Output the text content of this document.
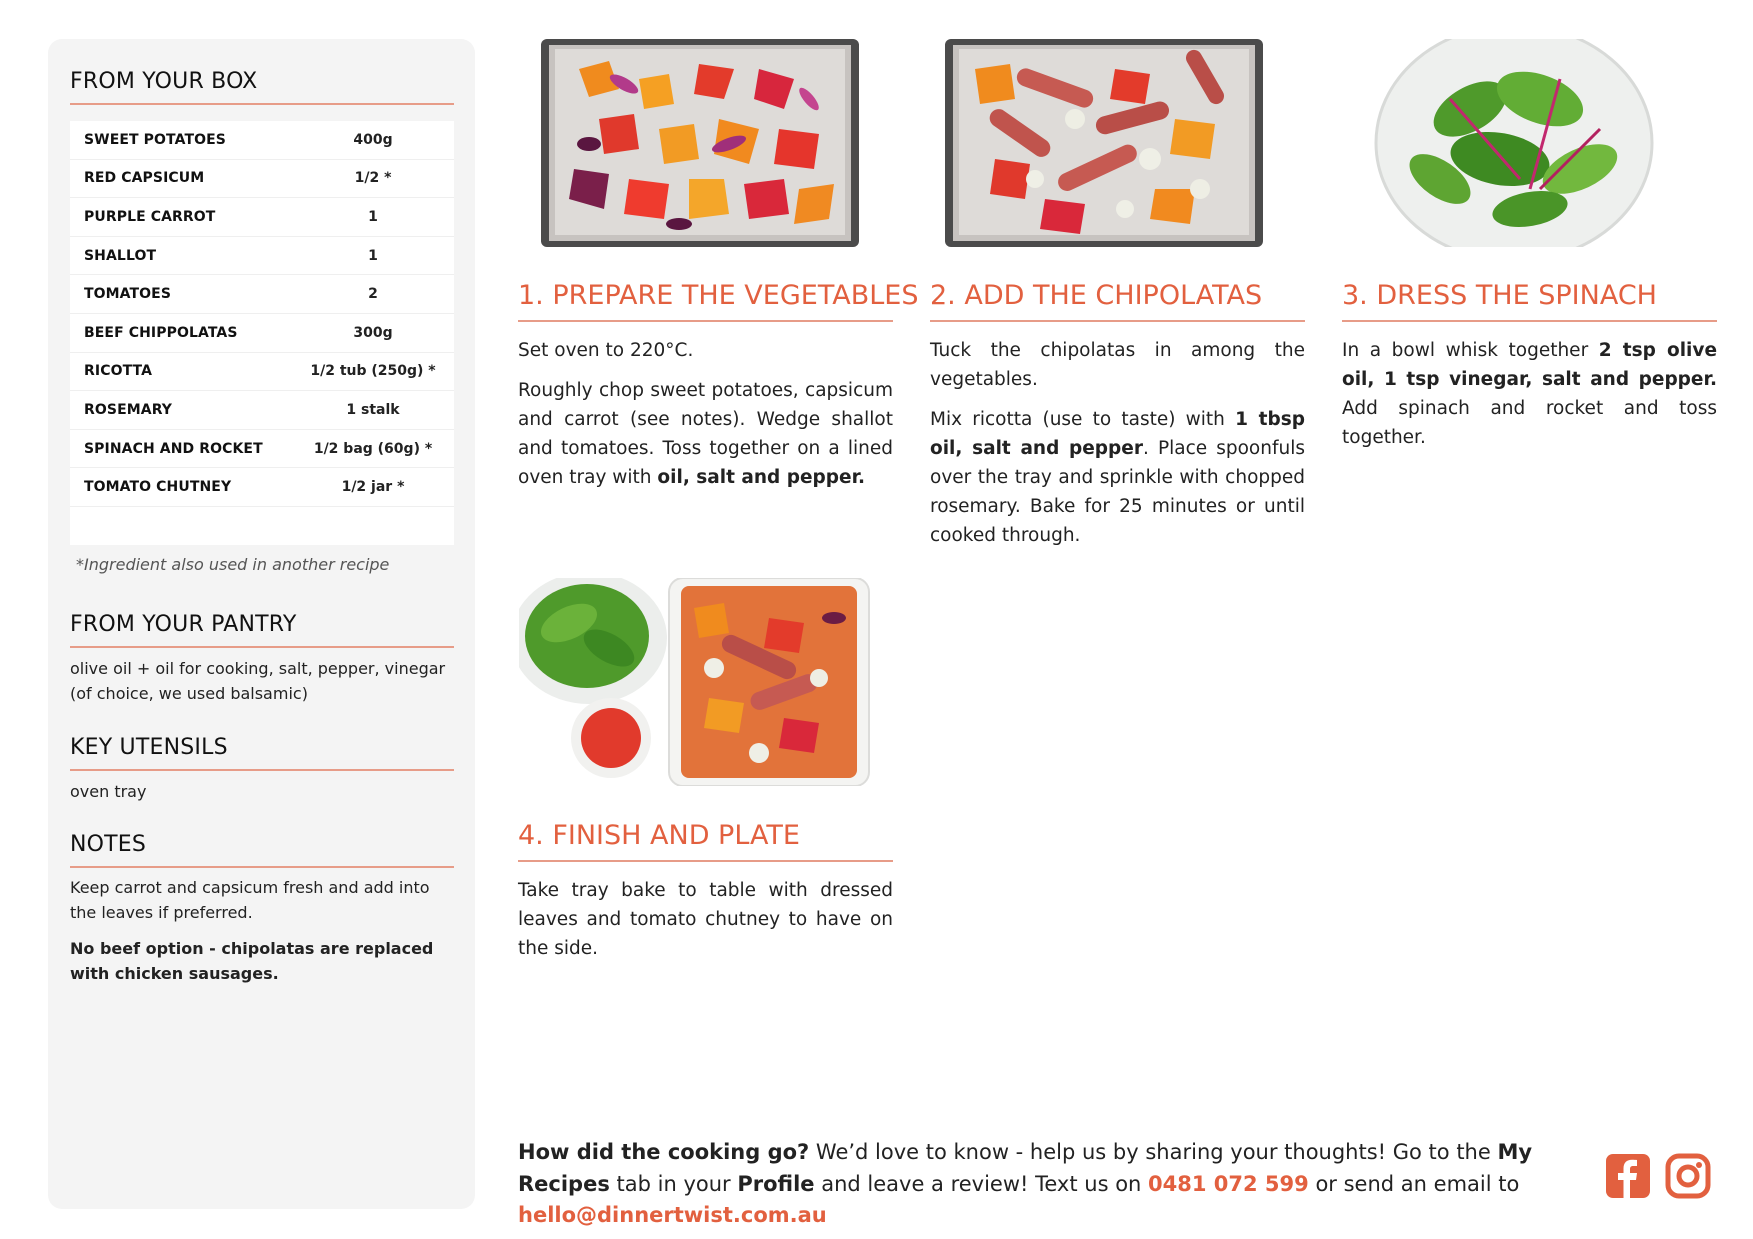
FROM YOUR BOX
SWEET POTATOES	400g
RED CAPSICUM	1/2 *
PURPLE CARROT	1
SHALLOT	1
TOMATOES	2
BEEF CHIPPOLATAS	300g
RICOTTA	1/2 tub (250g) *
ROSEMARY	1 stalk
SPINACH AND ROCKET	1/2 bag (60g) *
TOMATO CHUTNEY	1/2 jar *
*Ingredient also used in another recipe
FROM YOUR PANTRY
olive oil + oil for cooking, salt, pepper, vinegar (of choice, we used balsamic)
KEY UTENSILS
oven tray
NOTES
Keep carrot and capsicum fresh and add into the leaves if preferred.
No beef option - chipolatas are replaced with chicken sausages.
1. PREPARE THE VEGETABLES

Set oven to 220°C.

Roughly chop sweet potatoes, capsicum and carrot (see notes). Wedge shallot and tomatoes. Toss together on a lined oven tray with oil, salt and pepper.

2. ADD THE CHIPOLATAS

Tuck the chipolatas in among the vegetables.

Mix ricotta (use to taste) with 1 tbsp oil, salt and pepper. Place spoonfuls over the tray and sprinkle with chopped rosemary. Bake for 25 minutes or until cooked through.

3. DRESS THE SPINACH

In a bowl whisk together 2 tsp olive oil, 1 tsp vinegar, salt and pepper. Add spinach and rocket and toss together.

4. FINISH AND PLATE

Take tray bake to table with dressed leaves and tomato chutney to have on the side.

How did the cooking go? We’d love to know - help us by sharing your thoughts! Go to the My Recipes tab in your Profile and leave a review! Text us on 0481 072 599 or send an email to hello@dinnertwist.com.au
